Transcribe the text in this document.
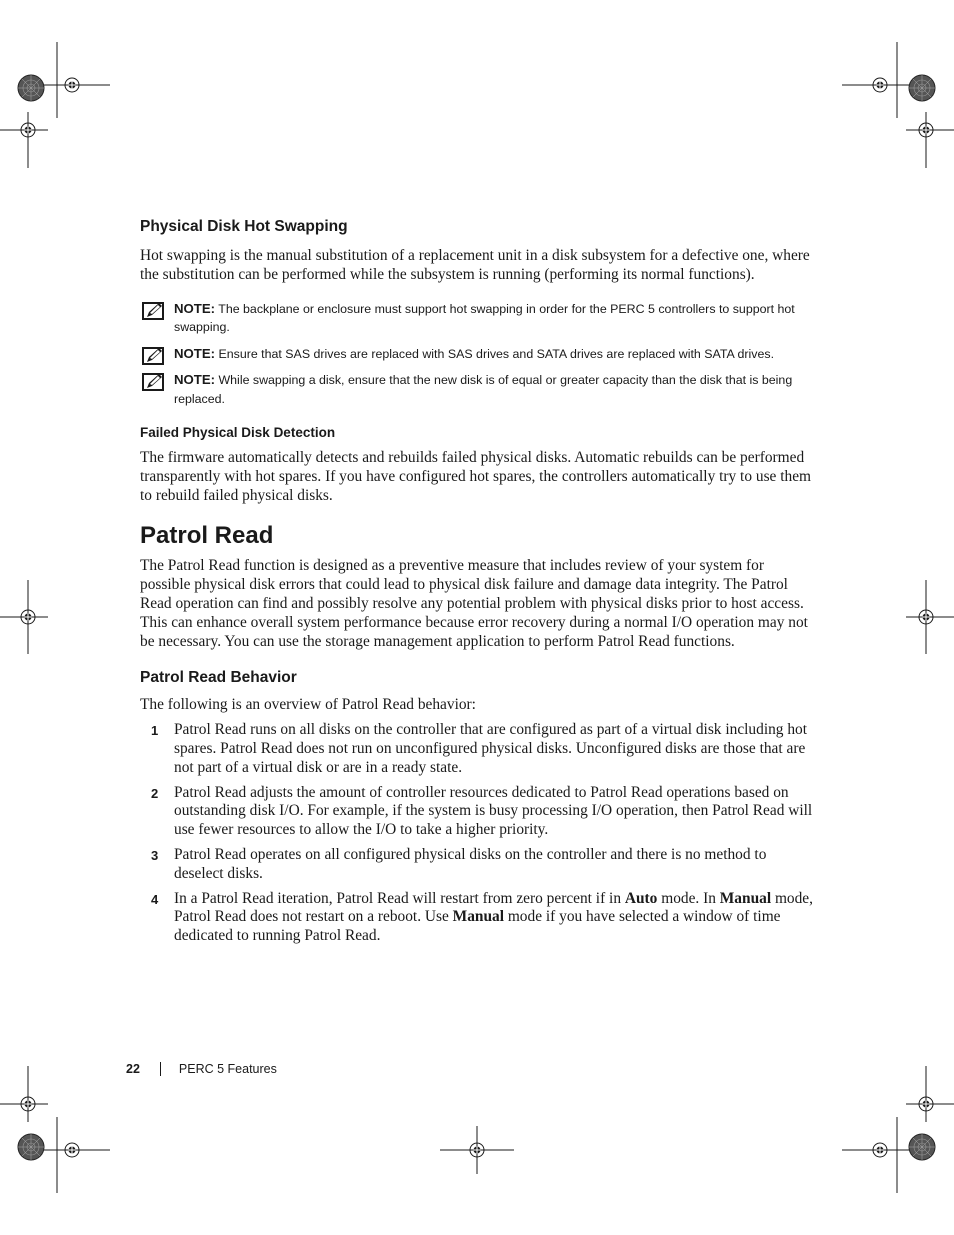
Physical Disk Hot Swapping

Hot swapping is the manual substitution of a replacement unit in a disk subsystem for a defective one, where the substitution can be performed while the subsystem is running (performing its normal functions).

NOTE: The backplane or enclosure must support hot swapping in order for the PERC 5 controllers to support hot swapping.

NOTE: Ensure that SAS drives are replaced with SAS drives and SATA drives are replaced with SATA drives.

NOTE: While swapping a disk, ensure that the new disk is of equal or greater capacity than the disk that is being replaced.

Failed Physical Disk Detection

The firmware automatically detects and rebuilds failed physical disks. Automatic rebuilds can be performed transparently with hot spares. If you have configured hot spares, the controllers automatically try to use them to rebuild failed physical disks.

Patrol Read

The Patrol Read function is designed as a preventive measure that includes review of your system for possible physical disk errors that could lead to physical disk failure and damage data integrity. The Patrol Read operation can find and possibly resolve any potential problem with physical disks prior to host access. This can enhance overall system performance because error recovery during a normal I/O operation may not be necessary. You can use the storage management application to perform Patrol Read functions.

Patrol Read Behavior

The following is an overview of Patrol Read behavior:

1 Patrol Read runs on all disks on the controller that are configured as part of a virtual disk including hot spares. Patrol Read does not run on unconfigured physical disks. Unconfigured disks are those that are not part of a virtual disk or are in a ready state.
2 Patrol Read adjusts the amount of controller resources dedicated to Patrol Read operations based on outstanding disk I/O. For example, if the system is busy processing I/O operation, then Patrol Read will use fewer resources to allow the I/O to take a higher priority.
3 Patrol Read operates on all configured physical disks on the controller and there is no method to deselect disks.
4 In a Patrol Read iteration, Patrol Read will restart from zero percent if in Auto mode. In Manual mode, Patrol Read does not restart on a reboot. Use Manual mode if you have selected a window of time dedicated to running Patrol Read.
22	PERC 5 Features
